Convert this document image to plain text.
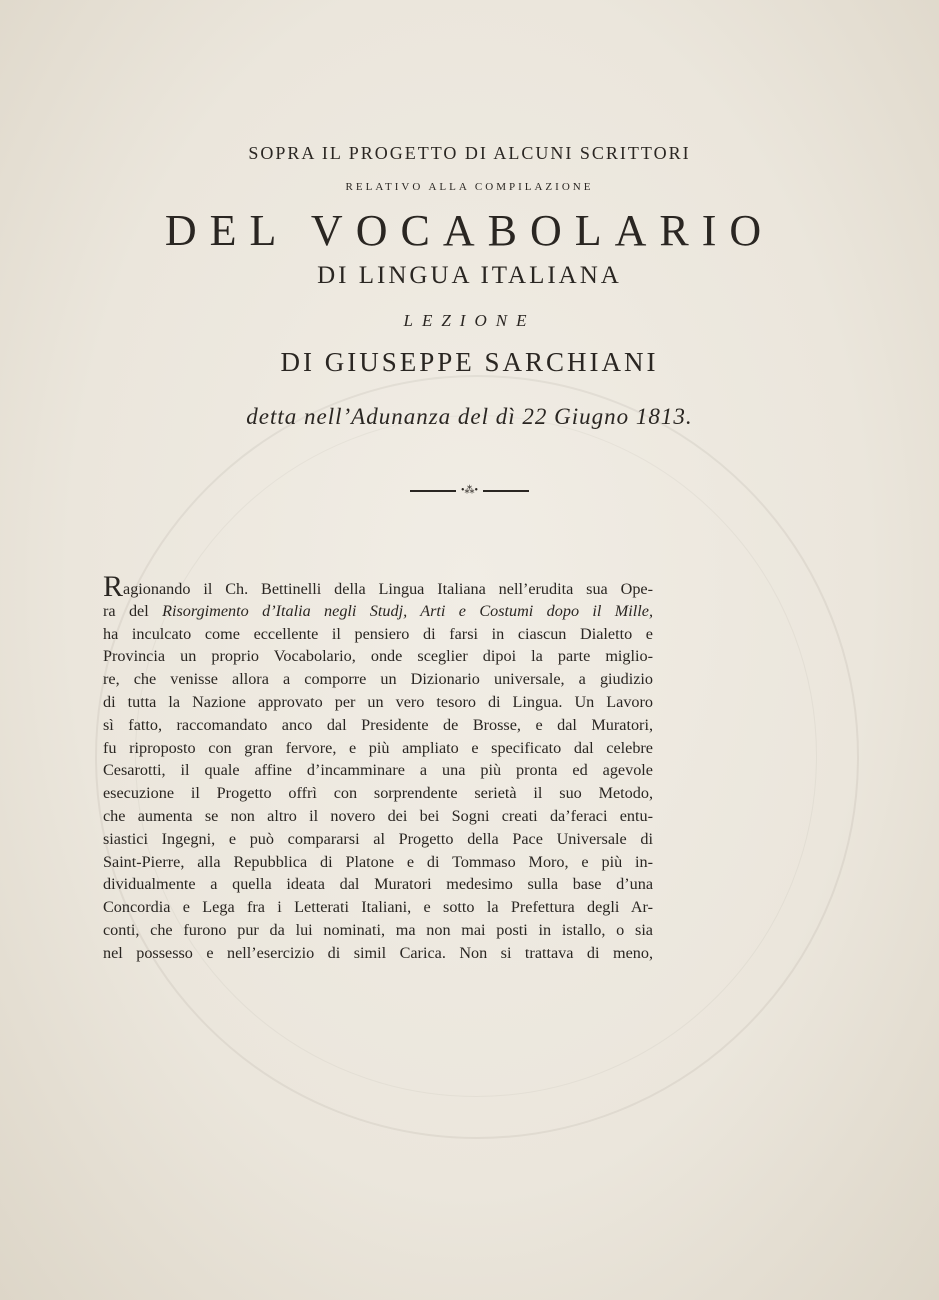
SOPRA IL PROGETTO DI ALCUNI SCRITTORI
RELATIVO ALLA COMPILAZIONE
DEL VOCABOLARIO
DI LINGUA ITALIANA
LEZIONE
DI GIUSEPPE SARCHIANI
detta nell’Adunanza del dì 22 Giugno 1813.
•⁂•
Ragionando il Ch. Bettinelli della Lingua Italiana nell’erudita sua Ope-
ra del Risorgimento d’Italia negli Studj, Arti e Costumi dopo il Mille,
ha inculcato come eccellente il pensiero di farsi in ciascun Dialetto e
Provincia un proprio Vocabolario, onde sceglier dipoi la parte miglio-
re, che venisse allora a comporre un Dizionario universale, a giudizio
di tutta la Nazione approvato per un vero tesoro di Lingua. Un Lavoro
sì fatto, raccomandato anco dal Presidente de Brosse, e dal Muratori,
fu riproposto con gran fervore, e più ampliato e specificato dal celebre
Cesarotti, il quale affine d’incamminare a una più pronta ed agevole
esecuzione il Progetto offrì con sorprendente serietà il suo Metodo,
che aumenta se non altro il novero dei bei Sogni creati da’feraci entu-
siastici Ingegni, e può compararsi al Progetto della Pace Universale di
Saint-Pierre, alla Repubblica di Platone e di Tommaso Moro, e più in-
dividualmente a quella ideata dal Muratori medesimo sulla base d’una
Concordia e Lega fra i Letterati Italiani, e sotto la Prefettura degli Ar-
conti, che furono pur da lui nominati, ma non mai posti in istallo, o sia
nel possesso e nell’esercizio di simil Carica. Non si trattava di meno,
